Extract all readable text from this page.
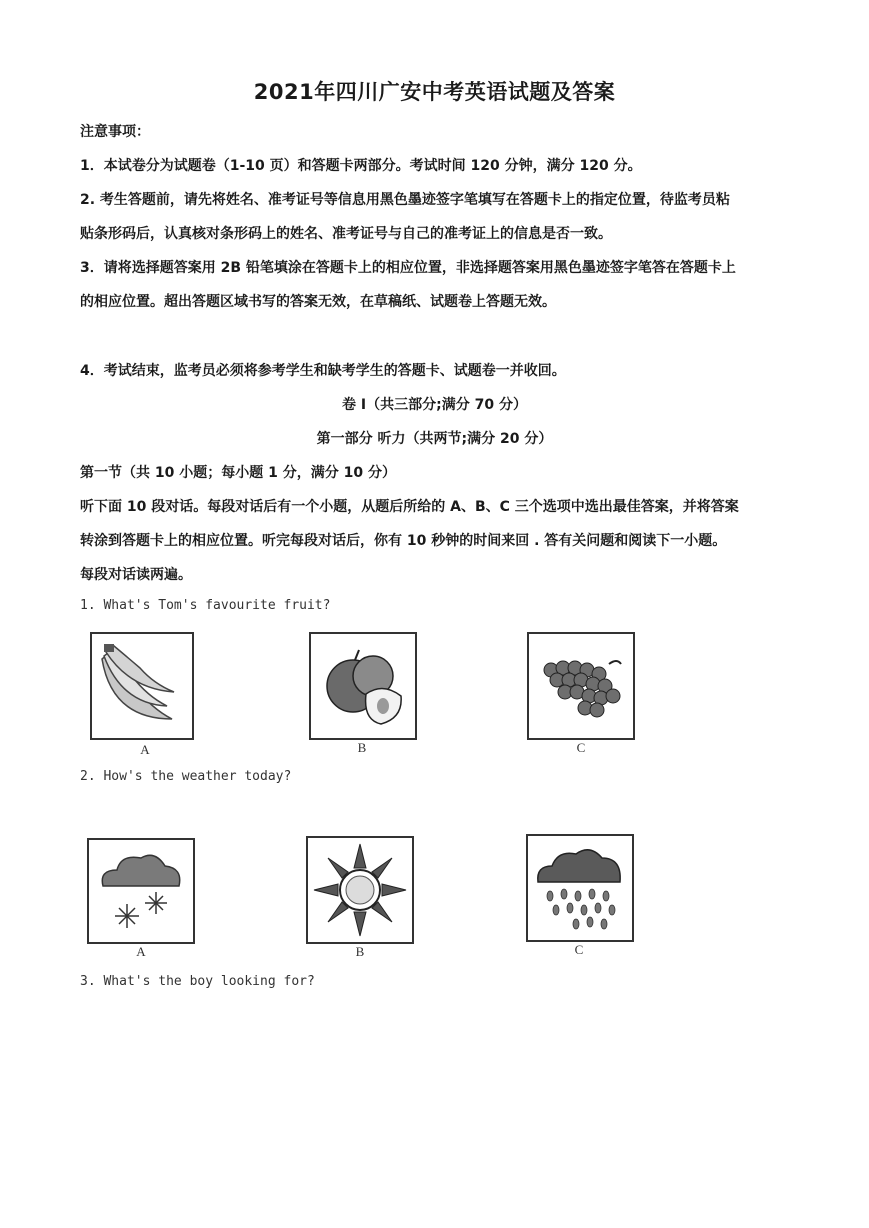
2021年四川广安中考英语试题及答案
注意事项：
1．本试卷分为试题卷（1-10 页）和答题卡两部分。考试时间 120 分钟，满分 120 分。
2. 考生答题前，请先将姓名、准考证号等信息用黑色墨迹签字笔填写在答题卡上的指定位置，待监考员粘
贴条形码后，认真核对条形码上的姓名、准考证号与自己的准考证上的信息是否一致。
3．请将选择题答案用 2B 铅笔填涂在答题卡上的相应位置，非选择题答案用黑色墨迹签字笔答在答题卡上
的相应位置。超出答题区域书写的答案无效，在草稿纸、试题卷上答题无效。
4．考试结束，监考员必须将参考学生和缺考学生的答题卡、试题卷一并收回。
卷 I（共三部分;满分 70 分）
第一部分 听力（共两节;满分 20 分）
第一节（共 10 小题；每小题 1 分，满分 10 分）
听下面 10 段对话。每段对话后有一个小题，从题后所给的 A、B、C 三个选项中选出最佳答案，并将答案
转涂到答题卡上的相应位置。听完每段对话后，你有 10 秒钟的时间来回 . 答有关问题和阅读下一小题。
每段对话读两遍。
1. What's Tom's favourite fruit?
A	B	C
2. How's the weather today?
A	B	C
3. What's the boy looking for?
